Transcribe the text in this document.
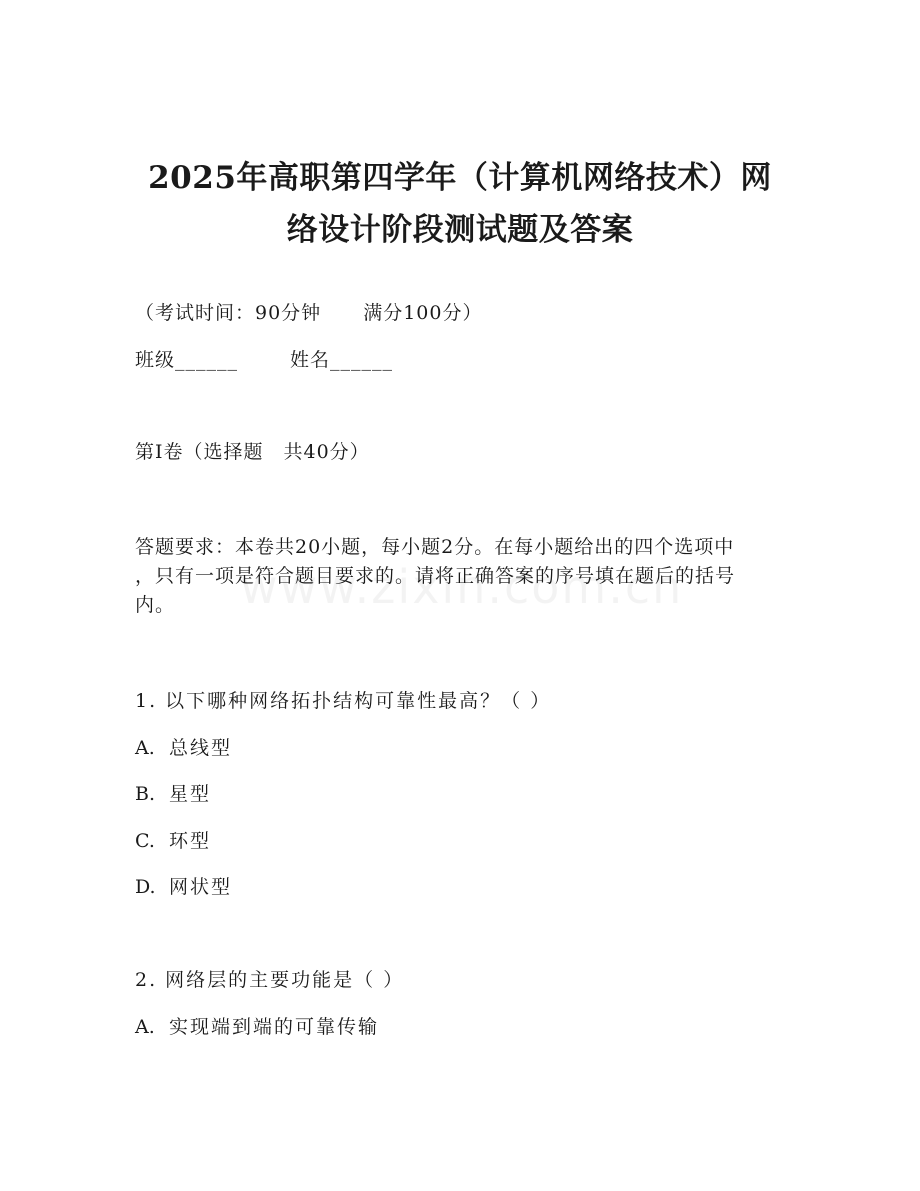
2025年高职第四学年（计算机网络技术）网
络设计阶段测试题及答案
（考试时间：90分钟 满分100分）
班级______	姓名______
第I卷（选择题　共40分）
答题要求：本卷共20小题，每小题2分。在每小题给出的四个选项中
，只有一项是符合题目要求的。请将正确答案的序号填在题后的括号
内。
1. 以下哪种网络拓扑结构可靠性最高？（ ）
A. 总线型
B. 星型
C. 环型
D. 网状型
2. 网络层的主要功能是（ ）
A. 实现端到端的可靠传输
